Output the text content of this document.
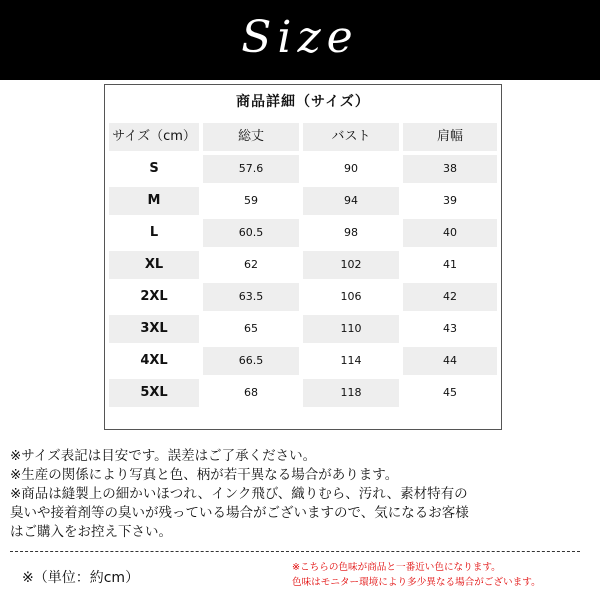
Size
商品詳細（サイズ）
サイズ（cm）	総丈	バスト	肩幅
S	57.6	90	38
M	59	94	39
L	60.5	98	40
XL	62	102	41
2XL	63.5	106	42
3XL	65	110	43
4XL	66.5	114	44
5XL	68	118	45
※サイズ表記は目安です。誤差はご了承ください。
※生産の関係により写真と色、柄が若干異なる場合があります。
※商品は縫製上の細かいほつれ、インク飛び、織りむら、汚れ、素材特有の
臭いや接着剤等の臭いが残っている場合がございますので、気になるお客様
はご購入をお控え下さい。
※（単位：約cm）
※こちらの色味が商品と一番近い色になります。
色味はモニター環境により多少異なる場合がございます。
